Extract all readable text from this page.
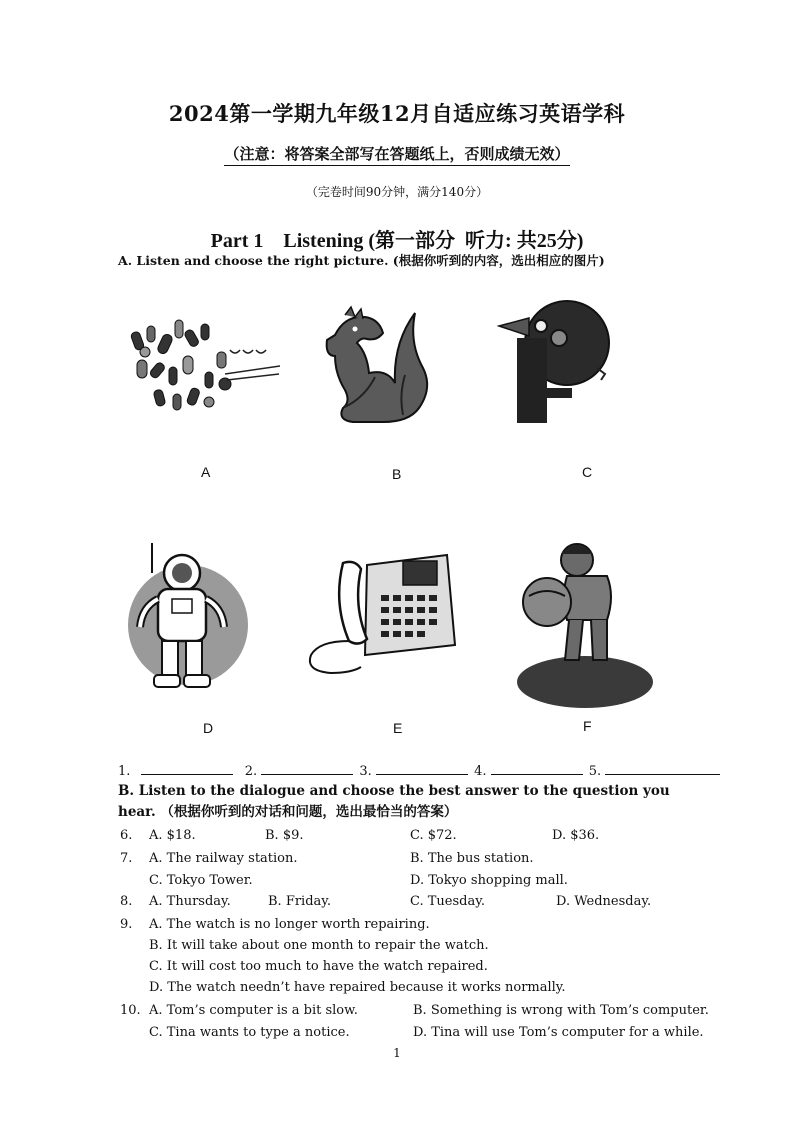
2024第一学期九年级12月自适应练习英语学科
（注意：将答案全部写在答题纸上，否则成绩无效）
（完卷时间90分钟，满分140分）
Part 1    Listening (第一部分  听力: 共25分)
A. Listen and choose the right picture. (根据你听到的内容，选出相应的图片)
A	B	C
D	E	F
1.	2.	3.	4.	5.
B. Listen to the dialogue and choose the best answer to the question you hear. （根据你听到的对话和问题，选出最恰当的答案）
6. A. $18.	B. $9.	C. $72.	D. $36.
7. A. The railway station.	B. The bus station.
C. Tokyo Tower.	D. Tokyo shopping mall.
8. A. Thursday.	B. Friday.	C. Tuesday.	D. Wednesday.
9. A. The watch is no longer worth repairing.
B. It will take about one month to repair the watch.
C. It will cost too much to have the watch repaired.
D. The watch needn’t have repaired because it works normally.
10. A. Tom’s computer is a bit slow.	B. Something is wrong with Tom’s computer.
C. Tina wants to type a notice.	D. Tina will use Tom’s computer for a while.
1
